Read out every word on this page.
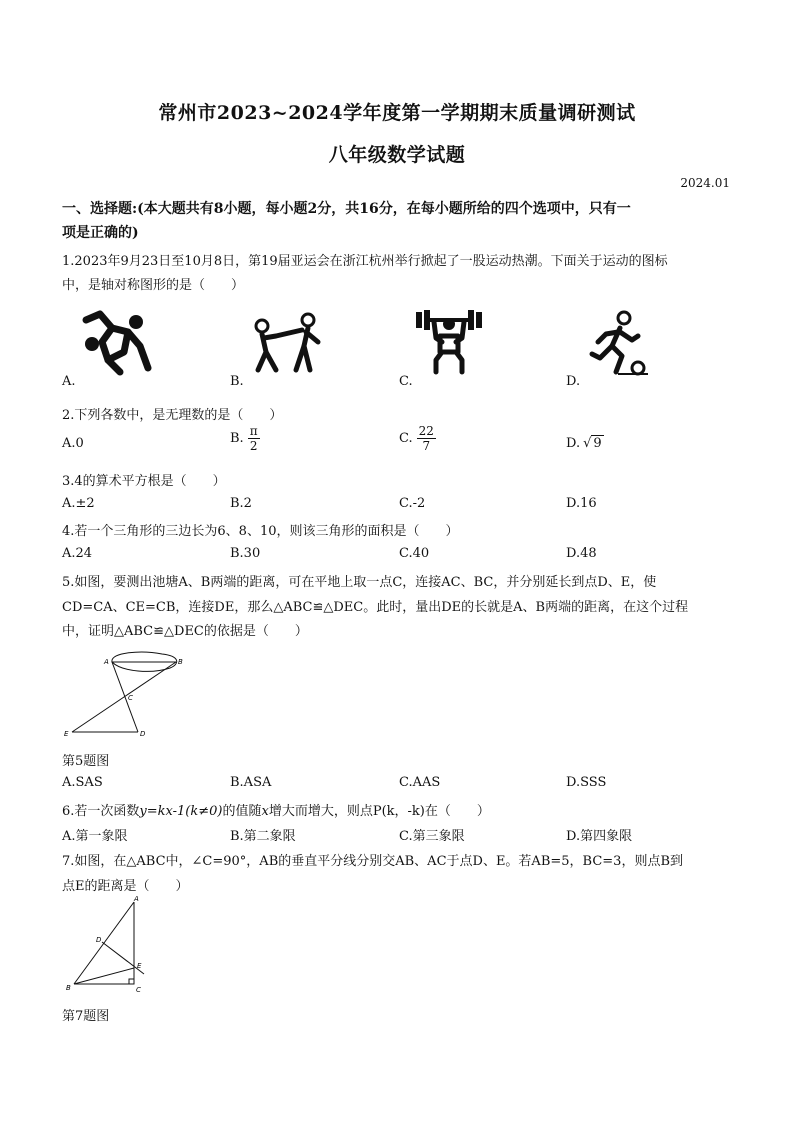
常州市2023~2024学年度第一学期期末质量调研测试
八年级数学试题
2024.01
一、选择题:(本大题共有8小题，每小题2分，共16分，在每小题所给的四个选项中，只有一
项是正确的)
1.2023年9月23日至10月8日，第19届亚运会在浙江杭州举行掀起了一股运动热潮。下面关于运动的图标
中，是轴对称图形的是（　　）
A.	B.	C.	D.
2.下列各数中，是无理数的是（　　）
A.0	B. $\frac{\pi}{2}$	C. $\frac{22}{7}$	D. √ 9
3.4的算术平方根是（　　）
A.±2	B.2	C.-2	D.16
4.若一个三角形的三边长为6、8、10，则该三角形的面积是（　　）
A.24	B.30	C.40	D.48
5.如图，要测出池塘A、B两端的距离，可在平地上取一点C，连接AC、BC，并分别延长到点D、E，使
CD=CA、CE=CB，连接DE，那么△ABC≌△DEC。此时，量出DE的长就是A、B两端的距离，在这个过程
中，证明△ABC≌△DEC的依据是（　　）
A	B
C
D
E
第5题图
A.SAS	B.ASA	C.AAS	D.SSS
6.若一次函数y=kx-1(k≠0)的值随x增大而增大，则点P(k，-k)在（　　）
A.第一象限	B.第二象限	C.第三象限	D.第四象限
7.如图，在△ABC中，∠C=90°，AB的垂直平分线分别交AB、AC于点D、E。若AB=5，BC=3，则点B到
点E的距离是（　　）
A
B	C
D
E
第7题图
